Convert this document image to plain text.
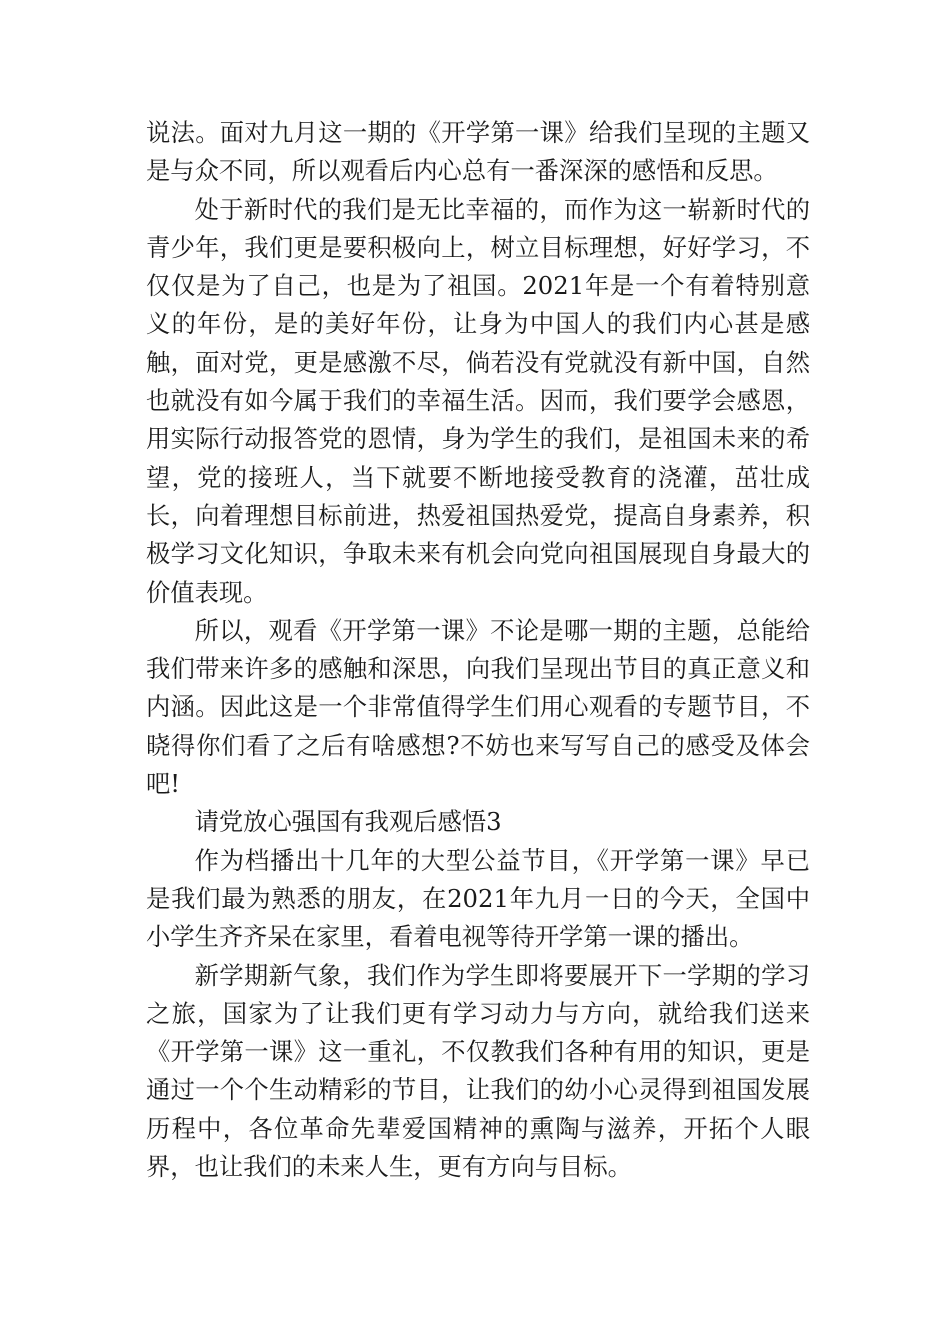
说法。面对九月这一期的《开学第一课》给我们呈现的主题又是与众不同，所以观看后内心总有一番深深的感悟和反思。

处于新时代的我们是无比幸福的，而作为这一崭新时代的青少年，我们更是要积极向上，树立目标理想，好好学习，不仅仅是为了自己，也是为了祖国。2021年是一个有着特别意义的年份，是的美好年份，让身为中国人的我们内心甚是感触，面对党，更是感激不尽，倘若没有党就没有新中国，自然也就没有如今属于我们的幸福生活。因而，我们要学会感恩，用实际行动报答党的恩情，身为学生的我们，是祖国未来的希望，党的接班人，当下就要不断地接受教育的浇灌，茁壮成长，向着理想目标前进，热爱祖国热爱党，提高自身素养，积极学习文化知识，争取未来有机会向党向祖国展现自身最大的价值表现。

所以，观看《开学第一课》不论是哪一期的主题，总能给我们带来许多的感触和深思，向我们呈现出节目的真正意义和内涵。因此这是一个非常值得学生们用心观看的专题节目，不晓得你们看了之后有啥感想?不妨也来写写自己的感受及体会吧!

请党放心强国有我观后感悟3

作为档播出十几年的大型公益节目，《开学第一课》早已是我们最为熟悉的朋友，在2021年九月一日的今天，全国中小学生齐齐呆在家里，看着电视等待开学第一课的播出。

新学期新气象，我们作为学生即将要展开下一学期的学习之旅，国家为了让我们更有学习动力与方向，就给我们送来《开学第一课》这一重礼，不仅教我们各种有用的知识，更是通过一个个生动精彩的节目，让我们的幼小心灵得到祖国发展历程中，各位革命先辈爱国精神的熏陶与滋养，开拓个人眼界，也让我们的未来人生，更有方向与目标。
